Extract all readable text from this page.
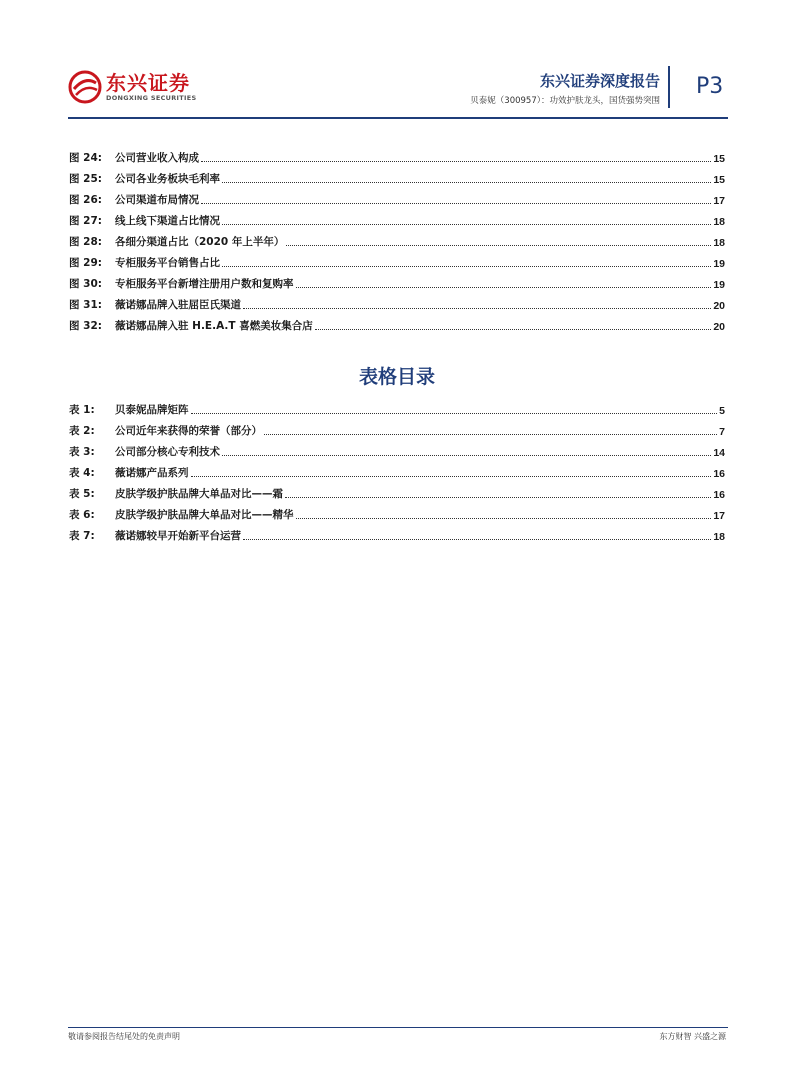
东兴证券
DONGXING SECURITIES
东兴证券深度报告
贝泰妮（300957）：功效护肤龙头，国货强势突围
P3
图 24:	公司营业收入构成	15
图 25:	公司各业务板块毛利率	15
图 26:	公司渠道布局情况	17
图 27:	线上线下渠道占比情况	18
图 28:	各细分渠道占比（2020 年上半年）	18
图 29:	专柜服务平台销售占比	19
图 30:	专柜服务平台新增注册用户数和复购率	19
图 31:	薇诺娜品牌入驻屈臣氏渠道	20
图 32:	薇诺娜品牌入驻 H.E.A.T 喜燃美妆集合店	20
表格目录
表 1:	贝泰妮品牌矩阵	5
表 2:	公司近年来获得的荣誉（部分）	7
表 3:	公司部分核心专利技术	14
表 4:	薇诺娜产品系列	16
表 5:	皮肤学级护肤品牌大单品对比——霜	16
表 6:	皮肤学级护肤品牌大单品对比——精华	17
表 7:	薇诺娜较早开始新平台运营	18
敬请参阅报告结尾处的免责声明	东方财智 兴盛之源
